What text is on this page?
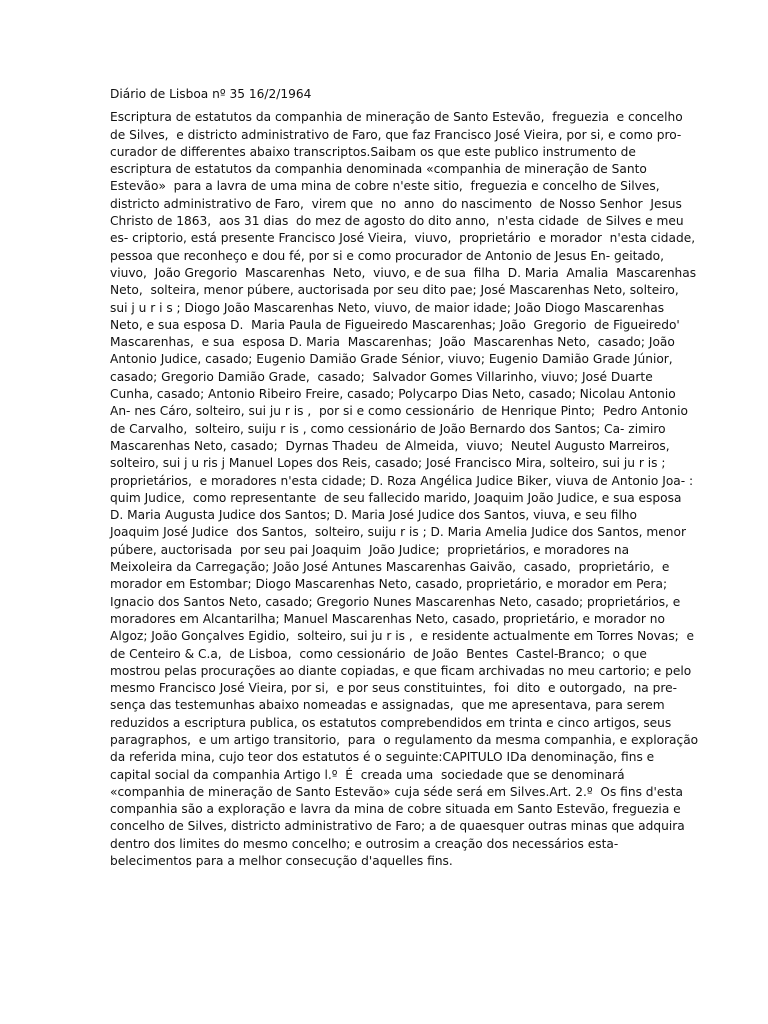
Diário de Lisboa nº 35 16/2/1964

Escriptura de estatutos da companhia de mineração de Santo Estevão,  freguezia  e concelho
de Silves,  e districto administrativo de Faro, que faz Francisco José Vieira, por si, e como pro-
curador de differentes abaixo transcriptos.Saibam os que este publico instrumento de
escriptura de estatutos da companhia denominada «companhia de mineração de Santo
Estevão»  para a lavra de uma mina de cobre n'este sitio,  freguezia e concelho de Silves,
districto administrativo de Faro,  virem que  no  anno  do nascimento  de Nosso Senhor  Jesus
Christo de 1863,  aos 31 dias  do mez de agosto do dito anno,  n'esta cidade  de Silves e meu
es- criptorio, está presente Francisco José Vieira,  viuvo,  proprietário  e morador  n'esta cidade,
pessoa que reconheço e dou fé, por si e como procurador de Antonio de Jesus En- geitado,
viuvo,  João Gregorio  Mascarenhas  Neto,  viuvo, e de sua  filha  D. Maria  Amalia  Mascarenhas
Neto,  solteira, menor púbere, auctorisada por seu dito pae; José Mascarenhas Neto, solteiro,
sui j u r i s ; Diogo João Mascarenhas Neto, viuvo, de maior idade; João Diogo Mascarenhas
Neto, e sua esposa D.  Maria Paula de Figueiredo Mascarenhas; João  Gregorio  de Figueiredo'
Mascarenhas,  e sua  esposa D. Maria  Mascarenhas;  João  Mascarenhas Neto,  casado; João
Antonio Judice, casado; Eugenio Damião Grade Sénior, viuvo; Eugenio Damião Grade Júnior,
casado; Gregorio Damião Grade,  casado;  Salvador Gomes Villarinho, viuvo; José Duarte
Cunha, casado; Antonio Ribeiro Freire, casado; Polycarpo Dias Neto, casado; Nicolau Antonio
An- nes Cáro, solteiro, sui ju r is ,  por si e como cessionário  de Henrique Pinto;  Pedro Antonio
de Carvalho,  solteiro, suiju r is , como cessionário de João Bernardo dos Santos; Ca- zimiro
Mascarenhas Neto, casado;  Dyrnas Thadeu  de Almeida,  viuvo;  Neutel Augusto Marreiros,
solteiro, sui j u ris j Manuel Lopes dos Reis, casado; José Francisco Mira, solteiro, sui ju r is ;
proprietários,  e moradores n'esta cidade; D. Roza Angélica Judice Biker, viuva de Antonio Joa- :
quim Judice,  como representante  de seu fallecido marido, Joaquim João Judice, e sua esposa
D. Maria Augusta Judice dos Santos; D. Maria José Judice dos Santos, viuva, e seu filho
Joaquim José Judice  dos Santos,  solteiro, suiju r is ; D. Maria Amelia Judice dos Santos, menor
púbere, auctorisada  por seu pai Joaquim  João Judice;  proprietários, e moradores na
Meixoleira da Carregação; João José Antunes Mascarenhas Gaivão,  casado,  proprietário,  e
morador em Estombar; Diogo Mascarenhas Neto, casado, proprietário, e morador em Pera;
Ignacio dos Santos Neto, casado; Gregorio Nunes Mascarenhas Neto, casado; proprietários, e
moradores em Alcantarilha; Manuel Mascarenhas Neto, casado, proprietário, e morador no
Algoz; João Gonçalves Egidio,  solteiro, sui ju r is ,  e residente actualmente em Torres Novas;  e
de Centeiro & C.a,  de Lisboa,  como cessionário  de João  Bentes  Castel-Branco;  o que
mostrou pelas procurações ao diante copiadas, e que ficam archivadas no meu cartorio; e pelo
mesmo Francisco José Vieira, por si,  e por seus constituintes,  foi  dito  e outorgado,  na pre-
sença das testemunhas abaixo nomeadas e assignadas,  que me apresentava, para serem
reduzidos a escriptura publica, os estatutos comprebendidos em trinta e cinco artigos, seus
paragraphos,  e um artigo transitorio,  para  o regulamento da mesma companhia, e exploração
da referida mina, cujo teor dos estatutos é o seguinte:CAPITULO IDa denominação, fins e
capital social da companhia Artigo l.º  É  creada uma  sociedade que se denominará
«companhia de mineração de Santo Estevão» cuja séde será em Silves.Art. 2.º  Os fins d'esta
companhia são a exploração e lavra da mina de cobre situada em Santo Estevão, freguezia e
concelho de Silves, districto administrativo de Faro; a de quaesquer outras minas que adquira
dentro dos limites do mesmo concelho; e outrosim a creação dos necessários esta-
belecimentos para a melhor consecução d'aquelles fins.
